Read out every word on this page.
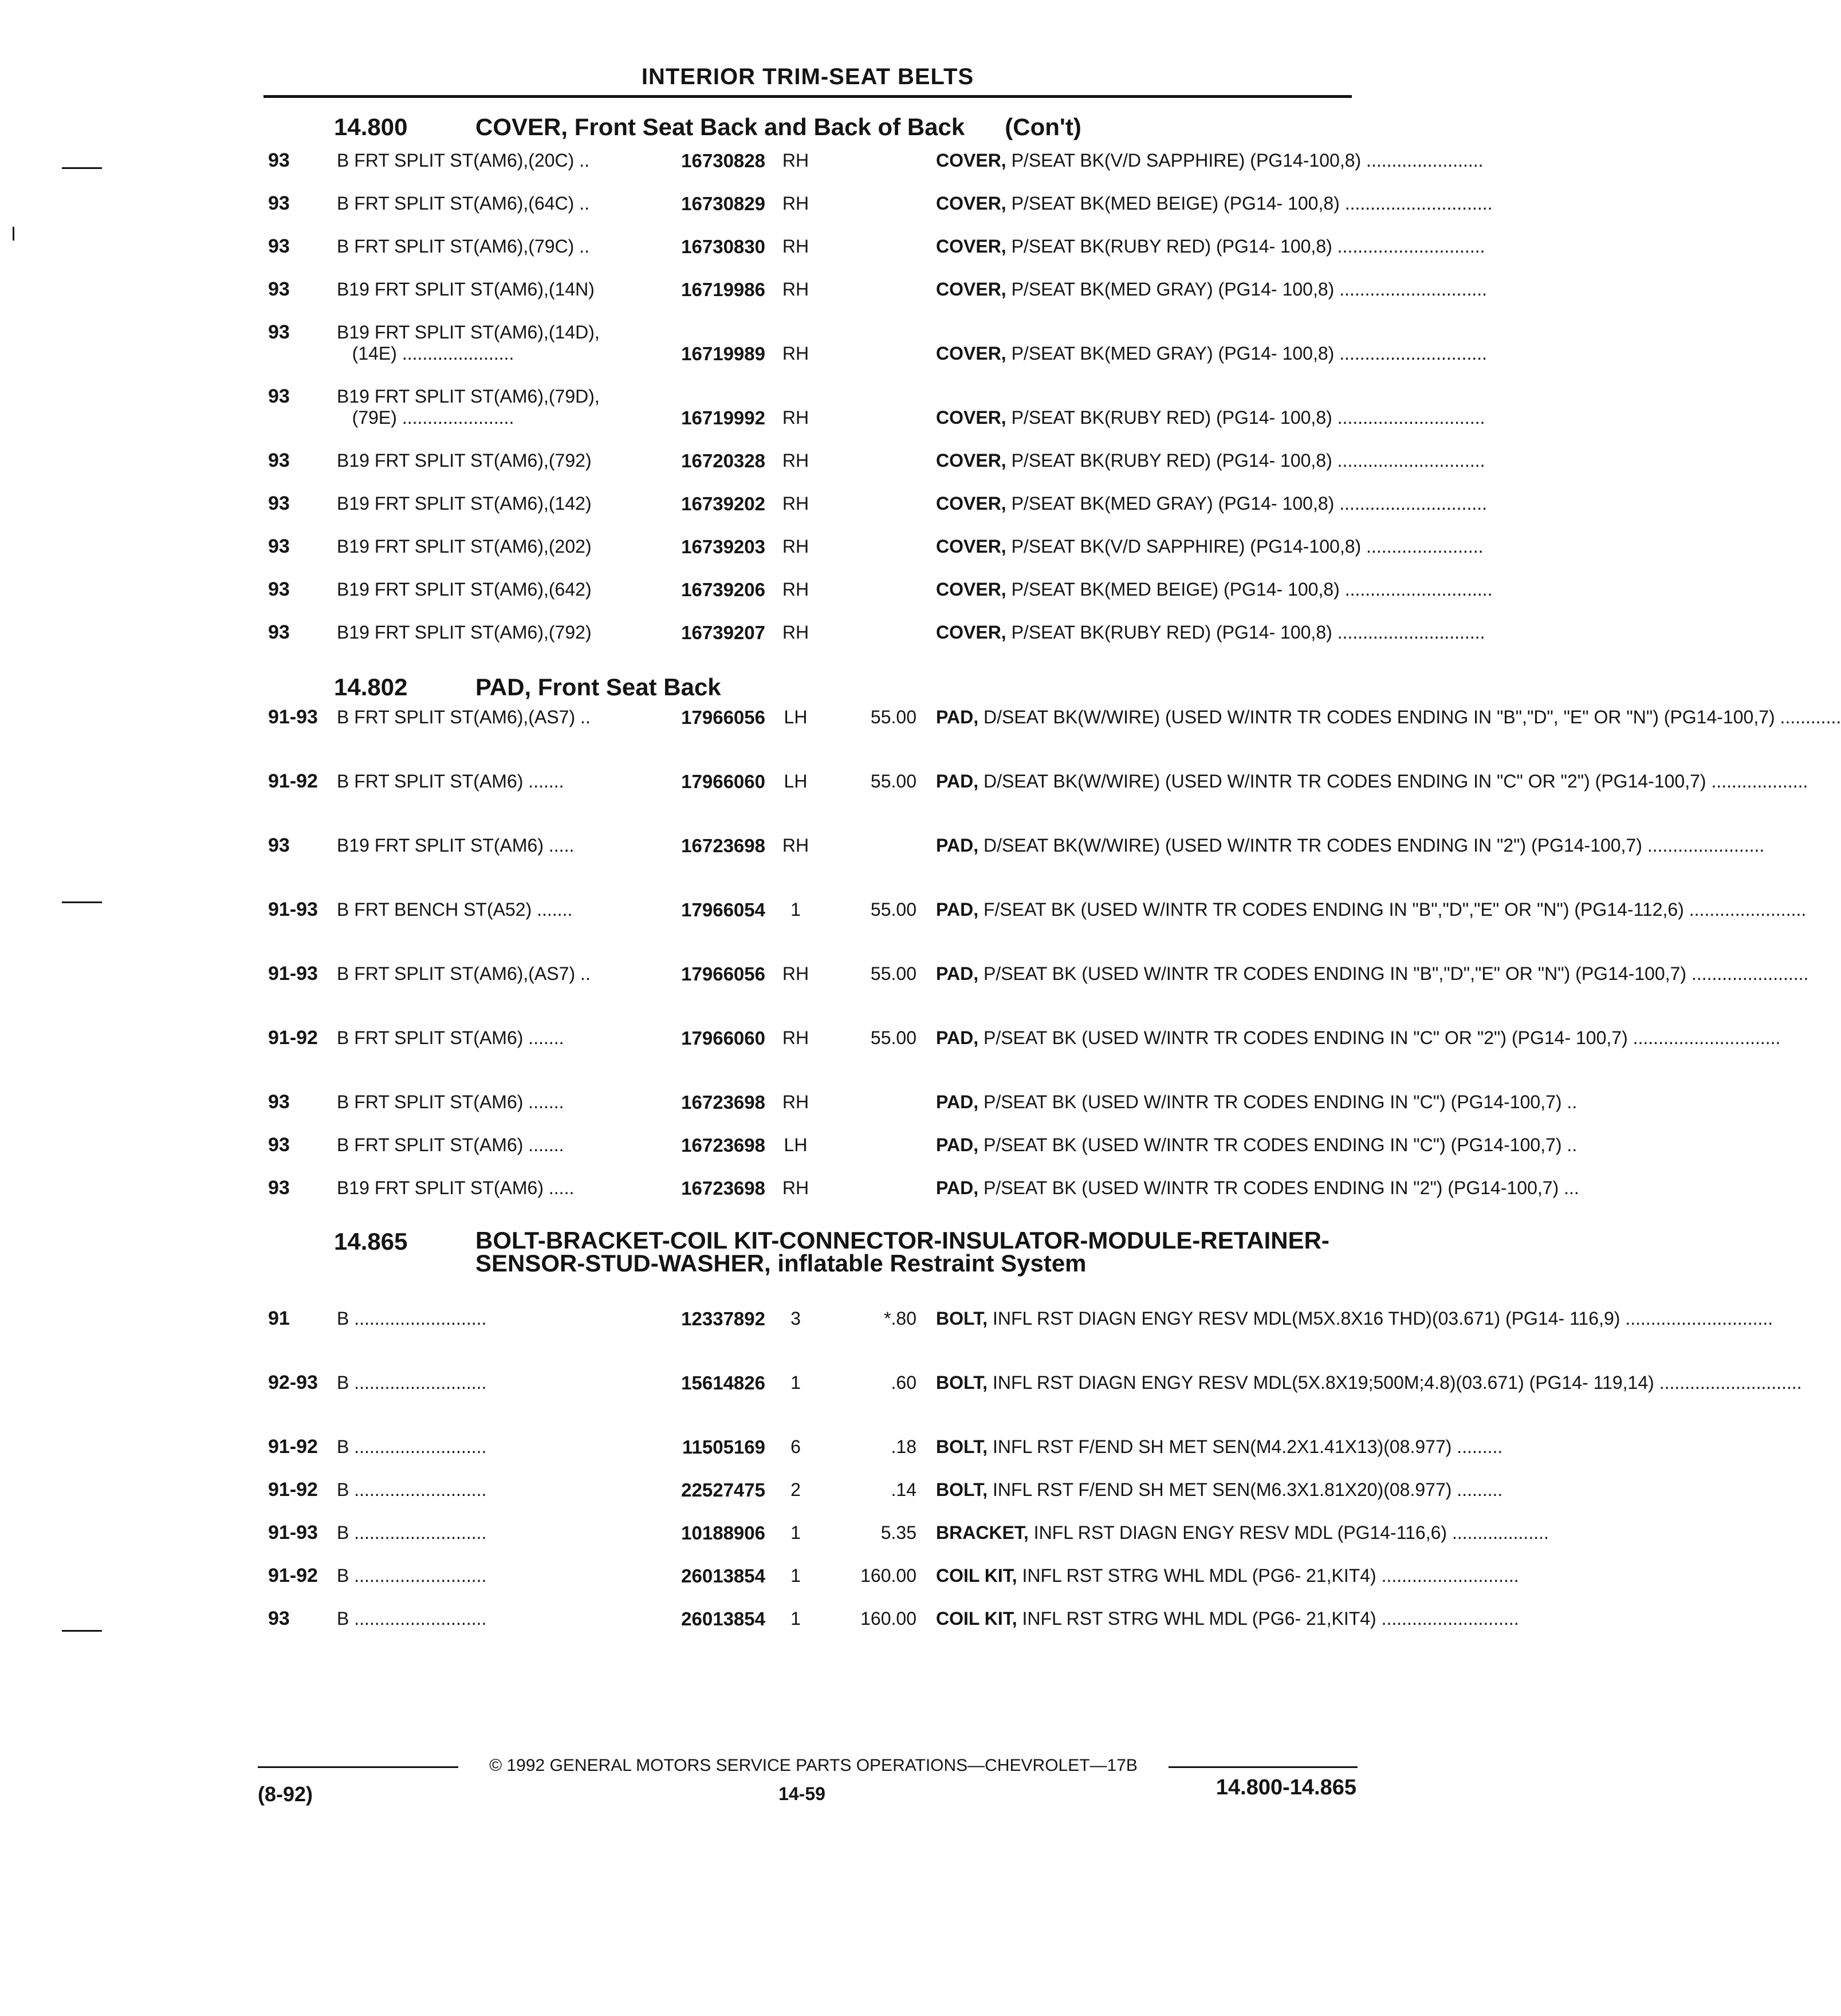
INTERIOR TRIM-SEAT BELTS
14.800	COVER, Front Seat Back and Back of Back (Con't)
93	B FRT SPLIT ST(AM6),(20C) ..	16730828 RH	COVER, P/SEAT BK(V/D SAPPHIRE) (PG14-100,8) .......................
93	B FRT SPLIT ST(AM6),(64C) ..	16730829 RH	COVER, P/SEAT BK(MED BEIGE) (PG14- 100,8) .............................
93	B FRT SPLIT ST(AM6),(79C) ..	16730830 RH	COVER, P/SEAT BK(RUBY RED) (PG14- 100,8) .............................
93	B19 FRT SPLIT ST(AM6),(14N)	16719986 RH	COVER, P/SEAT BK(MED GRAY) (PG14- 100,8) .............................
93	B19 FRT SPLIT ST(AM6),(14D),
(14E) ......................	16719989 RH	COVER, P/SEAT BK(MED GRAY) (PG14- 100,8) .............................
93	B19 FRT SPLIT ST(AM6),(79D),
(79E) ......................	16719992 RH	COVER, P/SEAT BK(RUBY RED) (PG14- 100,8) .............................
93	B19 FRT SPLIT ST(AM6),(792)	16720328 RH	COVER, P/SEAT BK(RUBY RED) (PG14- 100,8) .............................
93	B19 FRT SPLIT ST(AM6),(142)	16739202 RH	COVER, P/SEAT BK(MED GRAY) (PG14- 100,8) .............................
93	B19 FRT SPLIT ST(AM6),(202)	16739203 RH	COVER, P/SEAT BK(V/D SAPPHIRE) (PG14-100,8) .......................
93	B19 FRT SPLIT ST(AM6),(642)	16739206 RH	COVER, P/SEAT BK(MED BEIGE) (PG14- 100,8) .............................
93	B19 FRT SPLIT ST(AM6),(792)	16739207 RH	COVER, P/SEAT BK(RUBY RED) (PG14- 100,8) .............................
14.802	PAD, Front Seat Back
91-93 B FRT SPLIT ST(AM6),(AS7) ..	17966056	LH	55.00 PAD, D/SEAT BK(W/WIRE) (USED W/INTR TR CODES ENDING IN "B","D", "E" OR "N") (PG14-100,7) ............
91-92 B FRT SPLIT ST(AM6) .......	17966060	LH	55.00 PAD, D/SEAT BK(W/WIRE) (USED W/INTR TR CODES ENDING IN "C" OR "2") (PG14-100,7) ...................
93	B19 FRT SPLIT ST(AM6) .....	16723698 RH	PAD, D/SEAT BK(W/WIRE) (USED W/INTR TR CODES ENDING IN "2") (PG14-100,7) .......................
91-93 B FRT BENCH ST(A52) .......	17966054	1	55.00 PAD, F/SEAT BK (USED W/INTR TR CODES ENDING IN "B","D","E" OR "N") (PG14-112,6) .......................
91-93 B FRT SPLIT ST(AM6),(AS7) ..	17966056 RH	55.00 PAD, P/SEAT BK (USED W/INTR TR CODES ENDING IN "B","D","E" OR "N") (PG14-100,7) .......................
91-92 B FRT SPLIT ST(AM6) .......	17966060 RH	55.00 PAD, P/SEAT BK (USED W/INTR TR CODES ENDING IN "C" OR "2") (PG14- 100,7) .............................
93	B FRT SPLIT ST(AM6) .......	16723698 RH	PAD, P/SEAT BK (USED W/INTR TR CODES ENDING IN "C") (PG14-100,7) ..
93	B FRT SPLIT ST(AM6) .......	16723698	LH	PAD, P/SEAT BK (USED W/INTR TR CODES ENDING IN "C") (PG14-100,7) ..
93	B19 FRT SPLIT ST(AM6) .....	16723698 RH	PAD, P/SEAT BK (USED W/INTR TR CODES ENDING IN "2") (PG14-100,7) ...
14.865	BOLT-BRACKET-COIL KIT-CONNECTOR-INSULATOR-MODULE-RETAINER-SENSOR-STUD-WASHER, inflatable Restraint System
91	B ..........................	12337892	3	*.80 BOLT, INFL RST DIAGN ENGY RESV MDL(M5X.8X16 THD)(03.671) (PG14- 116,9) .............................
92-93 B ..........................	15614826	1	.60 BOLT, INFL RST DIAGN ENGY RESV MDL(5X.8X19;500M;4.8)(03.671) (PG14- 119,14) ............................
91-92 B ..........................	11505169	6	.18 BOLT, INFL RST F/END SH MET SEN(M4.2X1.41X13)(08.977) .........
91-92 B ..........................	22527475	2	.14 BOLT, INFL RST F/END SH MET SEN(M6.3X1.81X20)(08.977) .........
91-93 B ..........................	10188906	1	5.35 BRACKET, INFL RST DIAGN ENGY RESV MDL (PG14-116,6) ...................
91-92 B ..........................	26013854	1	160.00 COIL KIT, INFL RST STRG WHL MDL (PG6- 21,KIT4) ...........................
93	B ..........................	26013854	1	160.00 COIL KIT, INFL RST STRG WHL MDL (PG6- 21,KIT4) ...........................
© 1992 GENERAL MOTORS SERVICE PARTS OPERATIONS—CHEVROLET—17B
(8-92)	14-59	14.800-14.865
